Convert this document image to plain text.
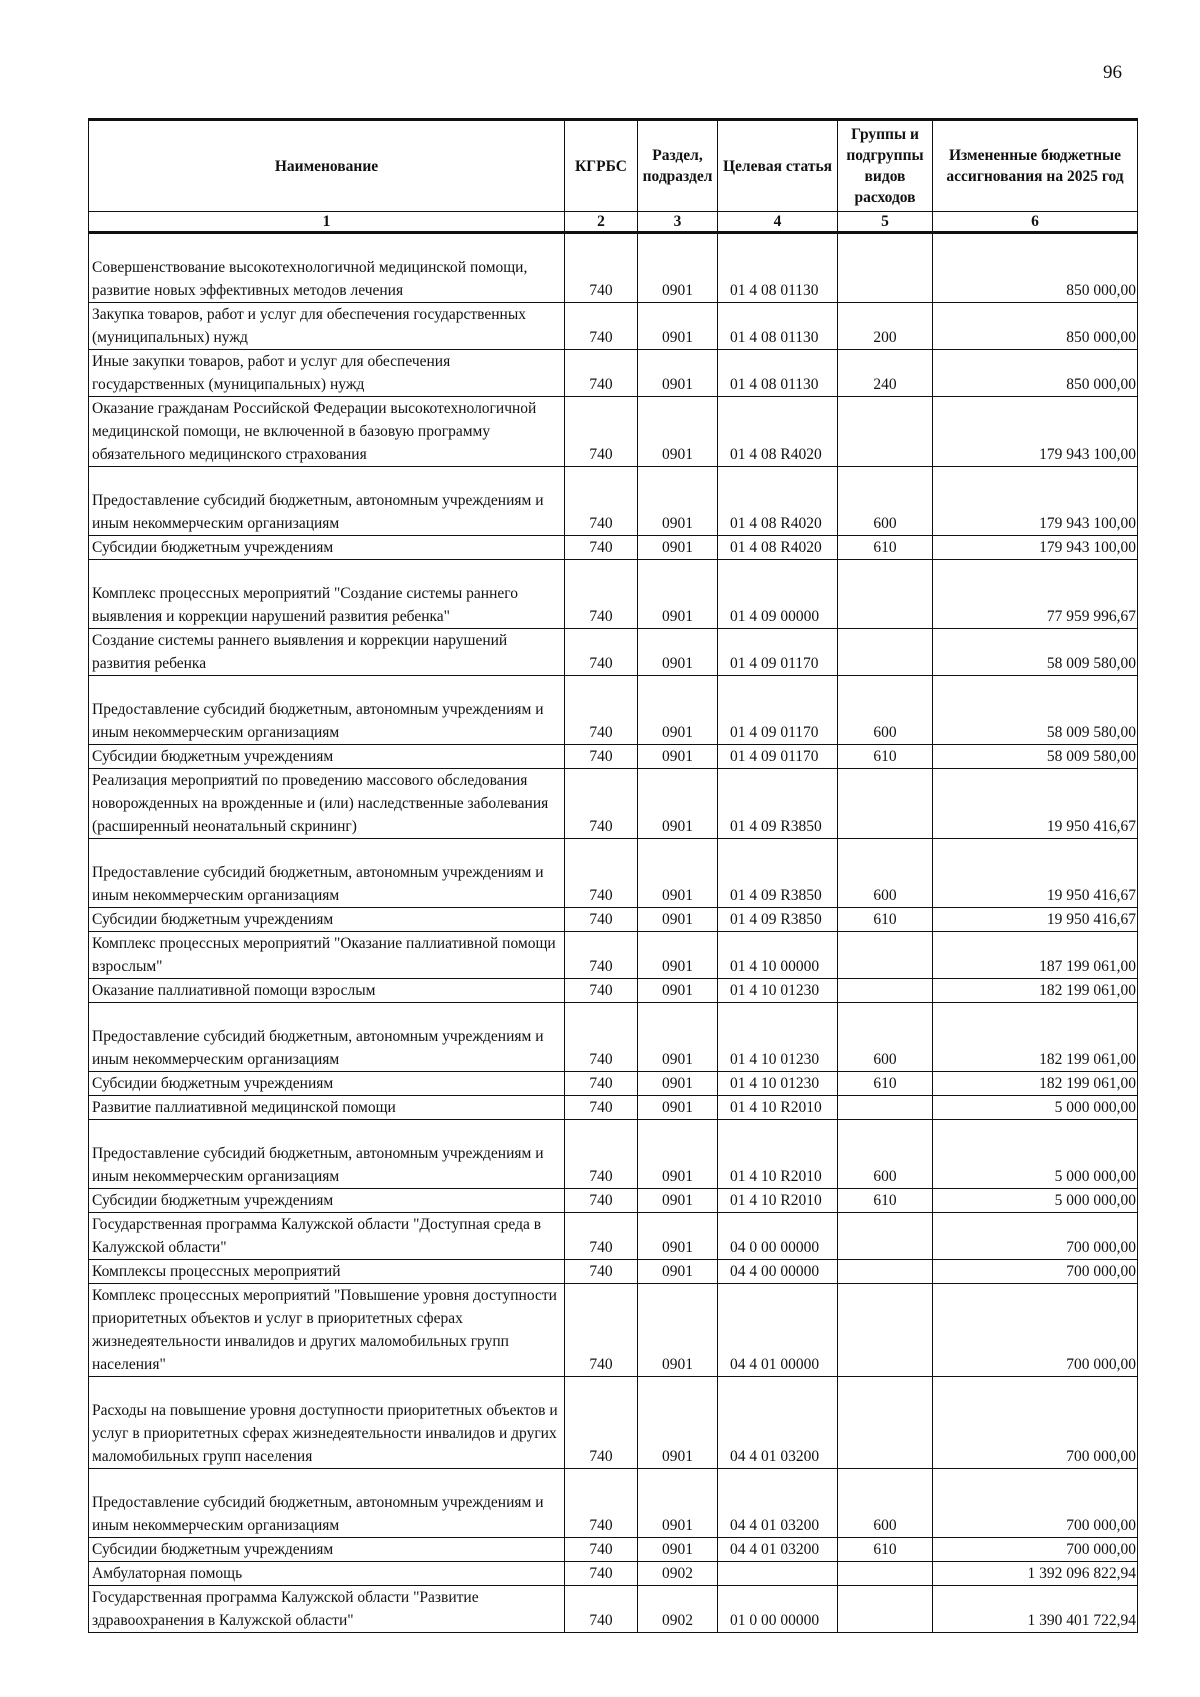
96
Наименование	КГРБС	Раздел, подраздел	Целевая статья	Группы и подгруппы видов расходов	Измененные бюджетные ассигнования на 2025 год
1	2	3	4	5	6
Совершенствование высокотехнологичной медицинской помощи, развитие новых эффективных методов лечения	740	0901	01 4 08 01130		850 000,00
Закупка товаров, работ и услуг для обеспечения государственных (муниципальных) нужд	740	0901	01 4 08 01130	200	850 000,00
Иные закупки товаров, работ и услуг для обеспечения государственных (муниципальных) нужд	740	0901	01 4 08 01130	240	850 000,00
Оказание гражданам Российской Федерации высокотехнологичной медицинской помощи, не включенной в базовую программу обязательного медицинского страхования	740	0901	01 4 08 R4020		179 943 100,00
Предоставление субсидий бюджетным, автономным учреждениям и иным некоммерческим организациям	740	0901	01 4 08 R4020	600	179 943 100,00
Субсидии бюджетным учреждениям	740	0901	01 4 08 R4020	610	179 943 100,00
Комплекс процессных мероприятий "Создание системы раннего выявления и коррекции нарушений развития ребенка"	740	0901	01 4 09 00000		77 959 996,67
Создание системы раннего выявления и коррекции нарушений развития ребенка	740	0901	01 4 09 01170		58 009 580,00
Предоставление субсидий бюджетным, автономным учреждениям и иным некоммерческим организациям	740	0901	01 4 09 01170	600	58 009 580,00
Субсидии бюджетным учреждениям	740	0901	01 4 09 01170	610	58 009 580,00
Реализация мероприятий по проведению массового обследования новорожденных на врожденные и (или) наследственные заболевания (расширенный неонатальный скрининг)	740	0901	01 4 09 R3850		19 950 416,67
Предоставление субсидий бюджетным, автономным учреждениям и иным некоммерческим организациям	740	0901	01 4 09 R3850	600	19 950 416,67
Субсидии бюджетным учреждениям	740	0901	01 4 09 R3850	610	19 950 416,67
Комплекс процессных мероприятий "Оказание паллиативной помощи взрослым"	740	0901	01 4 10 00000		187 199 061,00
Оказание паллиативной помощи взрослым	740	0901	01 4 10 01230		182 199 061,00
Предоставление субсидий бюджетным, автономным учреждениям и иным некоммерческим организациям	740	0901	01 4 10 01230	600	182 199 061,00
Субсидии бюджетным учреждениям	740	0901	01 4 10 01230	610	182 199 061,00
Развитие паллиативной медицинской помощи	740	0901	01 4 10 R2010		5 000 000,00
Предоставление субсидий бюджетным, автономным учреждениям и иным некоммерческим организациям	740	0901	01 4 10 R2010	600	5 000 000,00
Субсидии бюджетным учреждениям	740	0901	01 4 10 R2010	610	5 000 000,00
Государственная программа Калужской области "Доступная среда в Калужской области"	740	0901	04 0 00 00000		700 000,00
Комплексы процессных мероприятий	740	0901	04 4 00 00000		700 000,00
Комплекс процессных мероприятий "Повышение уровня доступности приоритетных объектов и услуг в приоритетных сферах жизнедеятельности инвалидов и других маломобильных групп населения"	740	0901	04 4 01 00000		700 000,00
Расходы на повышение уровня доступности приоритетных объектов и услуг в приоритетных сферах жизнедеятельности инвалидов и других маломобильных групп населения	740	0901	04 4 01 03200		700 000,00
Предоставление субсидий бюджетным, автономным учреждениям и иным некоммерческим организациям	740	0901	04 4 01 03200	600	700 000,00
Субсидии бюджетным учреждениям	740	0901	04 4 01 03200	610	700 000,00
Амбулаторная помощь	740	0902			1 392 096 822,94
Государственная программа Калужской области "Развитие здравоохранения в Калужской области"	740	0902	01 0 00 00000		1 390 401 722,94
